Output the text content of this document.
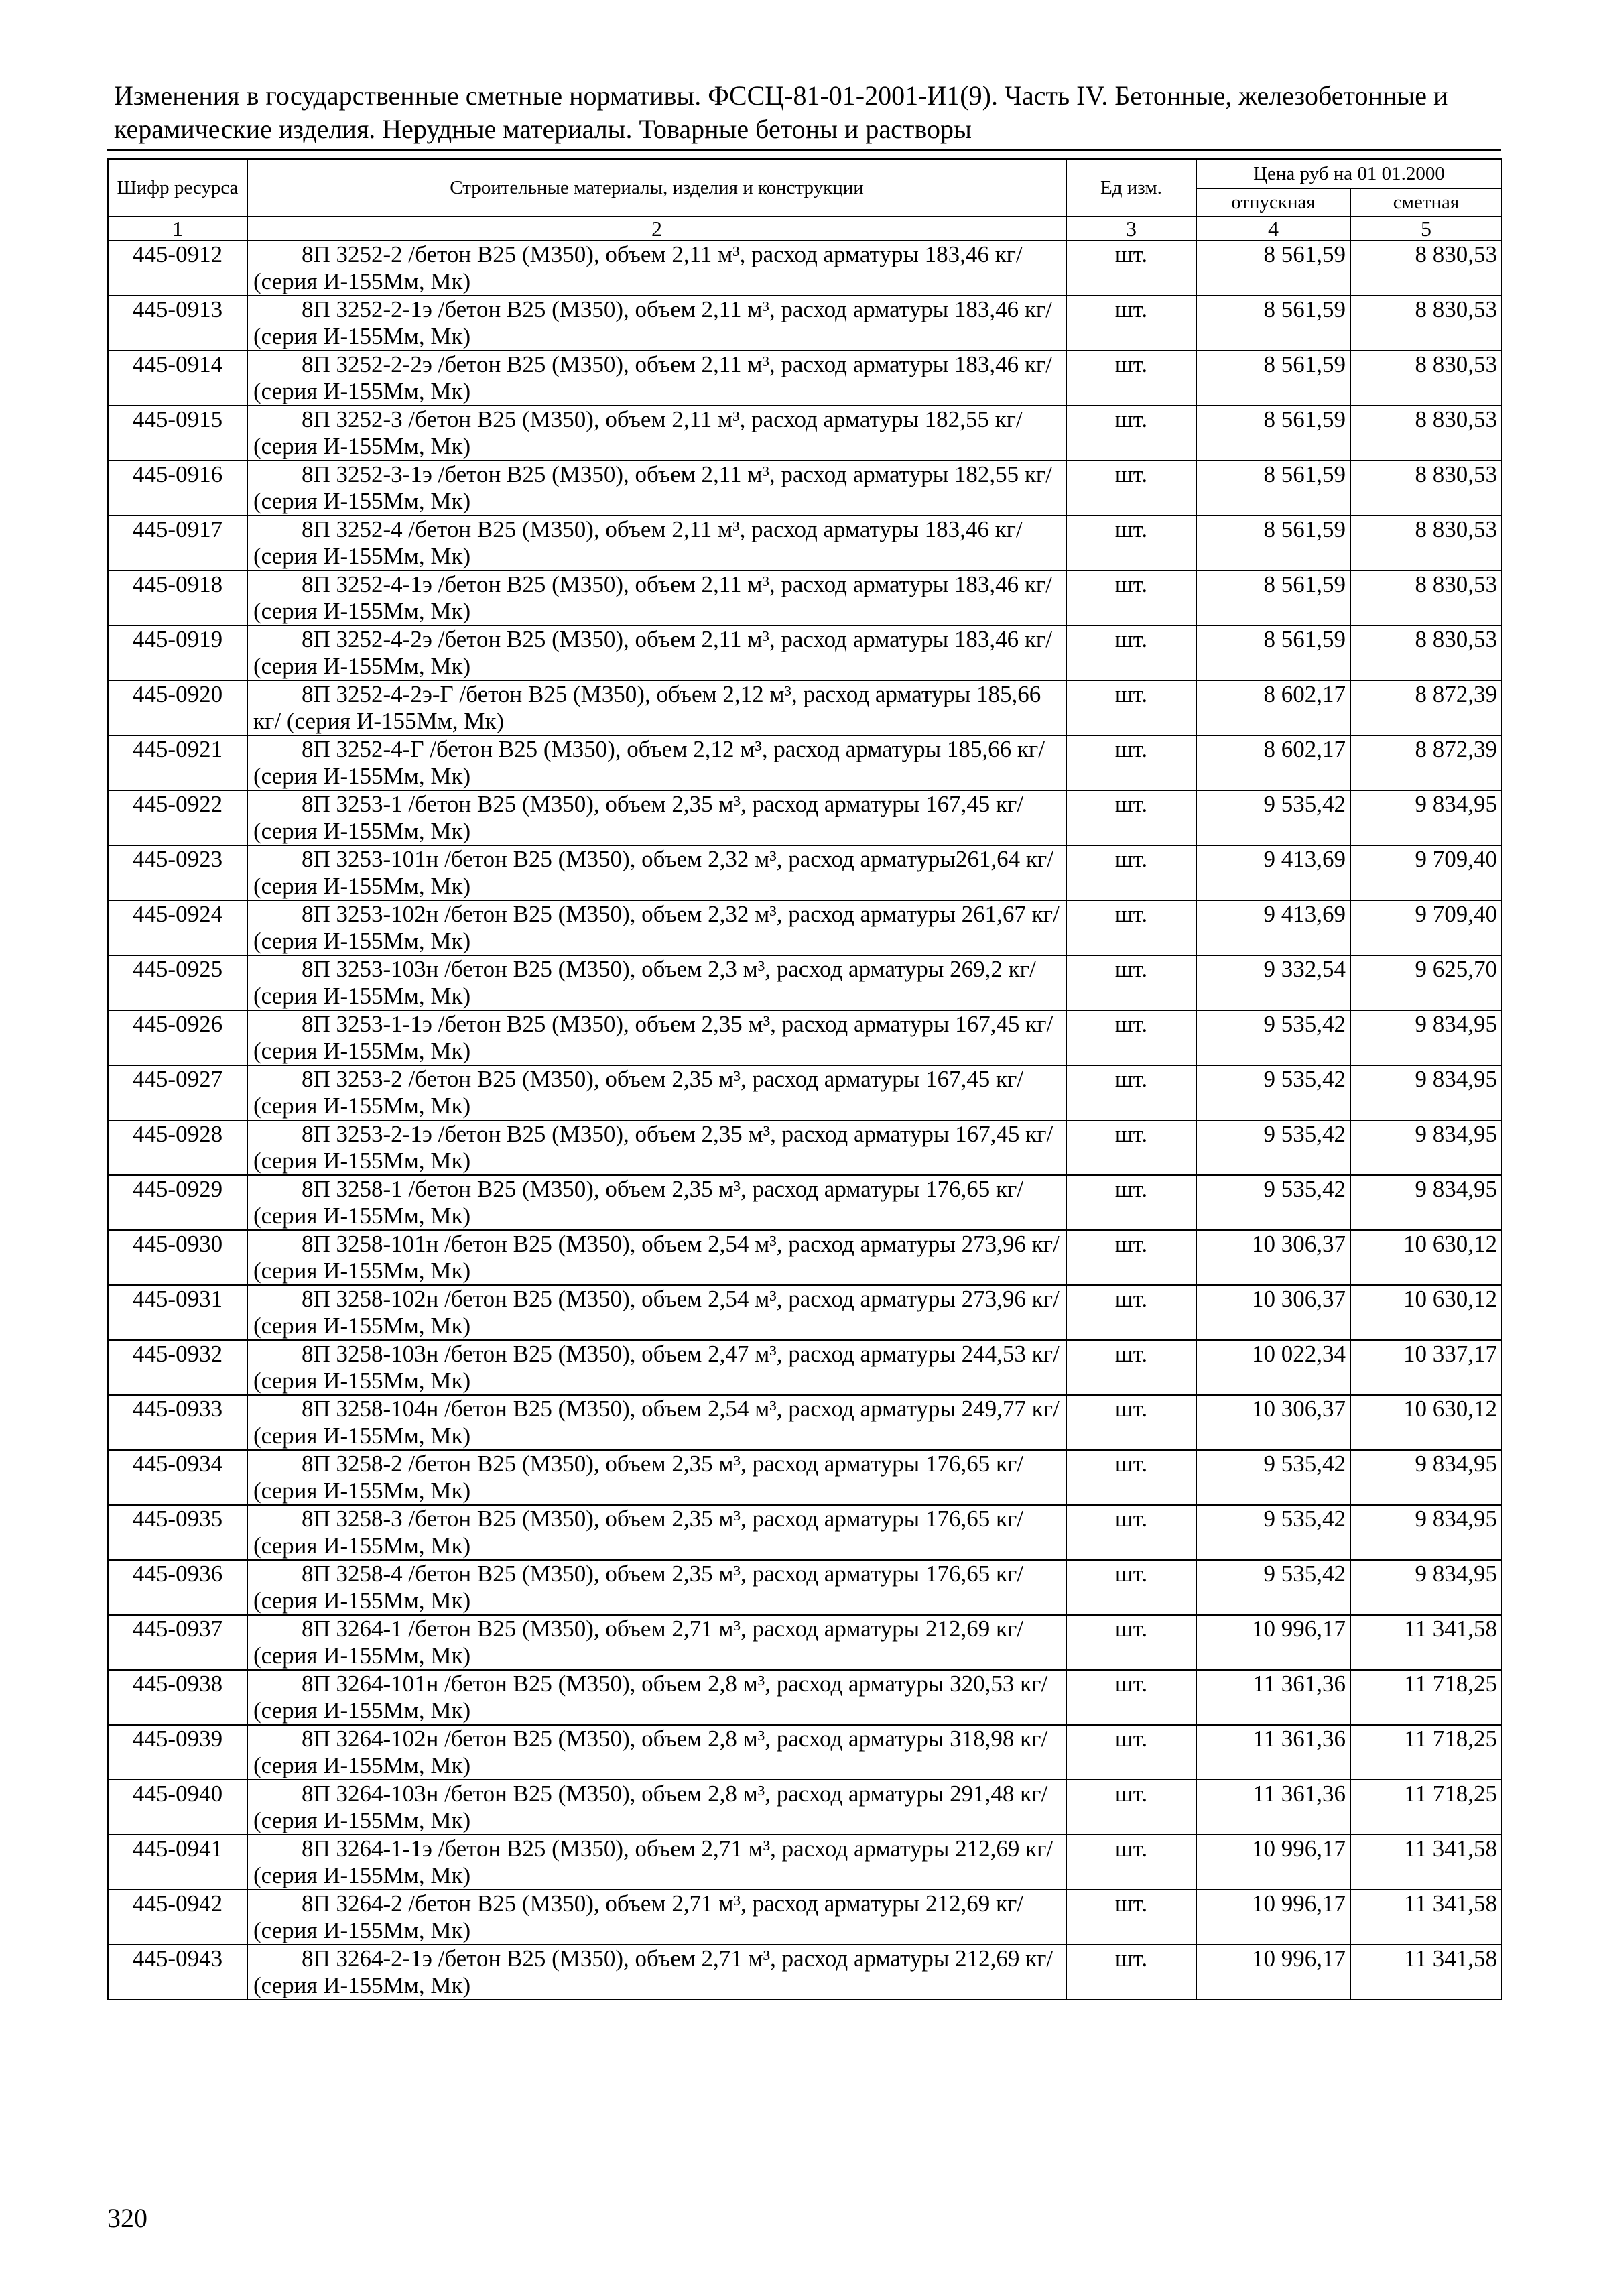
Изменения в государственные сметные нормативы. ФССЦ-81-01-2001-И1(9). Часть IV. Бетонные, железобетонные и
керамические изделия. Нерудные материалы. Товарные бетоны и растворы
Шифр ресурса	Строительные материалы, изделия и конструкции	Ед изм.	Цена руб на 01 01.2000	
			отпускная	сметная
1	2	3	4	5
445-0912	8П 3252-2 /бетон В25 (М350), объем 2,11 м³, расход арматуры 183,46 кг/ (серия И-155Мм, Мк)	шт.	8 561,59	8 830,53
445-0913	8П 3252-2-1э /бетон В25 (М350), объем 2,11 м³, расход арматуры 183,46 кг/ (серия И-155Мм, Мк)	шт.	8 561,59	8 830,53
445-0914	8П 3252-2-2э /бетон В25 (М350), объем 2,11 м³, расход арматуры 183,46 кг/ (серия И-155Мм, Мк)	шт.	8 561,59	8 830,53
445-0915	8П 3252-3 /бетон В25 (М350), объем 2,11 м³, расход арматуры 182,55 кг/ (серия И-155Мм, Мк)	шт.	8 561,59	8 830,53
445-0916	8П 3252-3-1э /бетон В25 (М350), объем 2,11 м³, расход арматуры 182,55 кг/ (серия И-155Мм, Мк)	шт.	8 561,59	8 830,53
445-0917	8П 3252-4 /бетон В25 (М350), объем 2,11 м³, расход арматуры 183,46 кг/ (серия И-155Мм, Мк)	шт.	8 561,59	8 830,53
445-0918	8П 3252-4-1э /бетон В25 (М350), объем 2,11 м³, расход арматуры 183,46 кг/ (серия И-155Мм, Мк)	шт.	8 561,59	8 830,53
445-0919	8П 3252-4-2э /бетон В25 (М350), объем 2,11 м³, расход арматуры 183,46 кг/ (серия И-155Мм, Мк)	шт.	8 561,59	8 830,53
445-0920	8П 3252-4-2э-Г /бетон В25 (М350), объем 2,12 м³, расход арматуры 185,66 кг/ (серия И-155Мм, Мк)	шт.	8 602,17	8 872,39
445-0921	8П 3252-4-Г /бетон В25 (М350), объем 2,12 м³, расход арматуры 185,66 кг/ (серия И-155Мм, Мк)	шт.	8 602,17	8 872,39
445-0922	8П 3253-1 /бетон В25 (М350), объем 2,35 м³, расход арматуры 167,45 кг/ (серия И-155Мм, Мк)	шт.	9 535,42	9 834,95
445-0923	8П 3253-101н /бетон В25 (М350), объем 2,32 м³, расход арматуры261,64 кг/ (серия И-155Мм, Мк)	шт.	9 413,69	9 709,40
445-0924	8П 3253-102н /бетон В25 (М350), объем 2,32 м³, расход арматуры 261,67 кг/ (серия И-155Мм, Мк)	шт.	9 413,69	9 709,40
445-0925	8П 3253-103н /бетон В25 (М350), объем 2,3 м³, расход арматуры 269,2 кг/ (серия И-155Мм, Мк)	шт.	9 332,54	9 625,70
445-0926	8П 3253-1-1э /бетон В25 (М350), объем 2,35 м³, расход арматуры 167,45 кг/ (серия И-155Мм, Мк)	шт.	9 535,42	9 834,95
445-0927	8П 3253-2 /бетон В25 (М350), объем 2,35 м³, расход арматуры 167,45 кг/ (серия И-155Мм, Мк)	шт.	9 535,42	9 834,95
445-0928	8П 3253-2-1э /бетон В25 (М350), объем 2,35 м³, расход арматуры 167,45 кг/ (серия И-155Мм, Мк)	шт.	9 535,42	9 834,95
445-0929	8П 3258-1 /бетон В25 (М350), объем 2,35 м³, расход арматуры 176,65 кг/ (серия И-155Мм, Мк)	шт.	9 535,42	9 834,95
445-0930	8П 3258-101н /бетон В25 (М350), объем 2,54 м³, расход арматуры 273,96 кг/ (серия И-155Мм, Мк)	шт.	10 306,37	10 630,12
445-0931	8П 3258-102н /бетон В25 (М350), объем 2,54 м³, расход арматуры 273,96 кг/ (серия И-155Мм, Мк)	шт.	10 306,37	10 630,12
445-0932	8П 3258-103н /бетон В25 (М350), объем 2,47 м³, расход арматуры 244,53 кг/ (серия И-155Мм, Мк)	шт.	10 022,34	10 337,17
445-0933	8П 3258-104н /бетон В25 (М350), объем 2,54 м³, расход арматуры 249,77 кг/ (серия И-155Мм, Мк)	шт.	10 306,37	10 630,12
445-0934	8П 3258-2 /бетон В25 (М350), объем 2,35 м³, расход арматуры 176,65 кг/ (серия И-155Мм, Мк)	шт.	9 535,42	9 834,95
445-0935	8П 3258-3 /бетон В25 (М350), объем 2,35 м³, расход арматуры 176,65 кг/ (серия И-155Мм, Мк)	шт.	9 535,42	9 834,95
445-0936	8П 3258-4 /бетон В25 (М350), объем 2,35 м³, расход арматуры 176,65 кг/ (серия И-155Мм, Мк)	шт.	9 535,42	9 834,95
445-0937	8П 3264-1 /бетон В25 (М350), объем 2,71 м³, расход арматуры 212,69 кг/ (серия И-155Мм, Мк)	шт.	10 996,17	11 341,58
445-0938	8П 3264-101н /бетон В25 (М350), объем 2,8 м³, расход арматуры 320,53 кг/ (серия И-155Мм, Мк)	шт.	11 361,36	11 718,25
445-0939	8П 3264-102н /бетон В25 (М350), объем 2,8 м³, расход арматуры 318,98 кг/ (серия И-155Мм, Мк)	шт.	11 361,36	11 718,25
445-0940	8П 3264-103н /бетон В25 (М350), объем 2,8 м³, расход арматуры 291,48 кг/ (серия И-155Мм, Мк)	шт.	11 361,36	11 718,25
445-0941	8П 3264-1-1э /бетон В25 (М350), объем 2,71 м³, расход арматуры 212,69 кг/ (серия И-155Мм, Мк)	шт.	10 996,17	11 341,58
445-0942	8П 3264-2 /бетон В25 (М350), объем 2,71 м³, расход арматуры 212,69 кг/ (серия И-155Мм, Мк)	шт.	10 996,17	11 341,58
445-0943	8П 3264-2-1э /бетон В25 (М350), объем 2,71 м³, расход арматуры 212,69 кг/ (серия И-155Мм, Мк)	шт.	10 996,17	11 341,58
320
